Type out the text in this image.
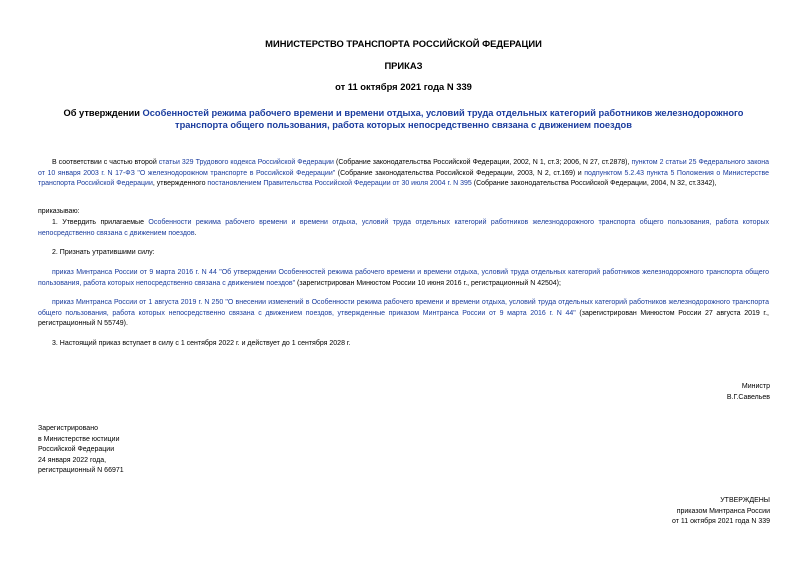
МИНИСТЕРСТВО ТРАНСПОРТА РОССИЙСКОЙ ФЕДЕРАЦИИ
ПРИКАЗ
от 11 октября 2021 года N 339
Об утверждении Особенностей режима рабочего времени и времени отдыха, условий труда отдельных категорий работников железнодорожного транспорта общего пользования, работа которых непосредственно связана с движением поездов
В соответствии с частью второй статьи 329 Трудового кодекса Российской Федерации (Собрание законодательства Российской Федерации, 2002, N 1, ст.3; 2006, N 27, ст.2878), пунктом 2 статьи 25 Федерального закона от 10 января 2003 г. N 17-ФЗ "О железнодорожном транспорте в Российской Федерации" (Собрание законодательства Российской Федерации, 2003, N 2, ст.169) и подпунктом 5.2.43 пункта 5 Положения о Министерстве транспорта Российской Федерации, утвержденного постановлением Правительства Российской Федерации от 30 июля 2004 г. N 395 (Собрание законодательства Российской Федерации, 2004, N 32, ст.3342),
приказываю:
1. Утвердить прилагаемые Особенности режима рабочего времени и времени отдыха, условий труда отдельных категорий работников железнодорожного транспорта общего пользования, работа которых непосредственно связана с движением поездов.
2. Признать утратившими силу:
приказ Минтранса России от 9 марта 2016 г. N 44 "Об утверждении Особенностей режима рабочего времени и времени отдыха, условий труда отдельных категорий работников железнодорожного транспорта общего пользования, работа которых непосредственно связана с движением поездов" (зарегистрирован Минюстом России 10 июня 2016 г., регистрационный N 42504);
приказ Минтранса России от 1 августа 2019 г. N 250 "О внесении изменений в Особенности режима рабочего времени и времени отдыха, условий труда отдельных категорий работников железнодорожного транспорта общего пользования, работа которых непосредственно связана с движением поездов, утвержденные приказом Минтранса России от 9 марта 2016 г. N 44" (зарегистрирован Минюстом России 27 августа 2019 г., регистрационный N 55749).
3. Настоящий приказ вступает в силу с 1 сентября 2022 г. и действует до 1 сентября 2028 г.
Министр
В.Г.Савельев
Зарегистрировано
в Министерстве юстиции
Российской Федерации
24 января 2022 года,
регистрационный N 66971
УТВЕРЖДЕНЫ
приказом Минтранса России
от 11 октября 2021 года N 339
